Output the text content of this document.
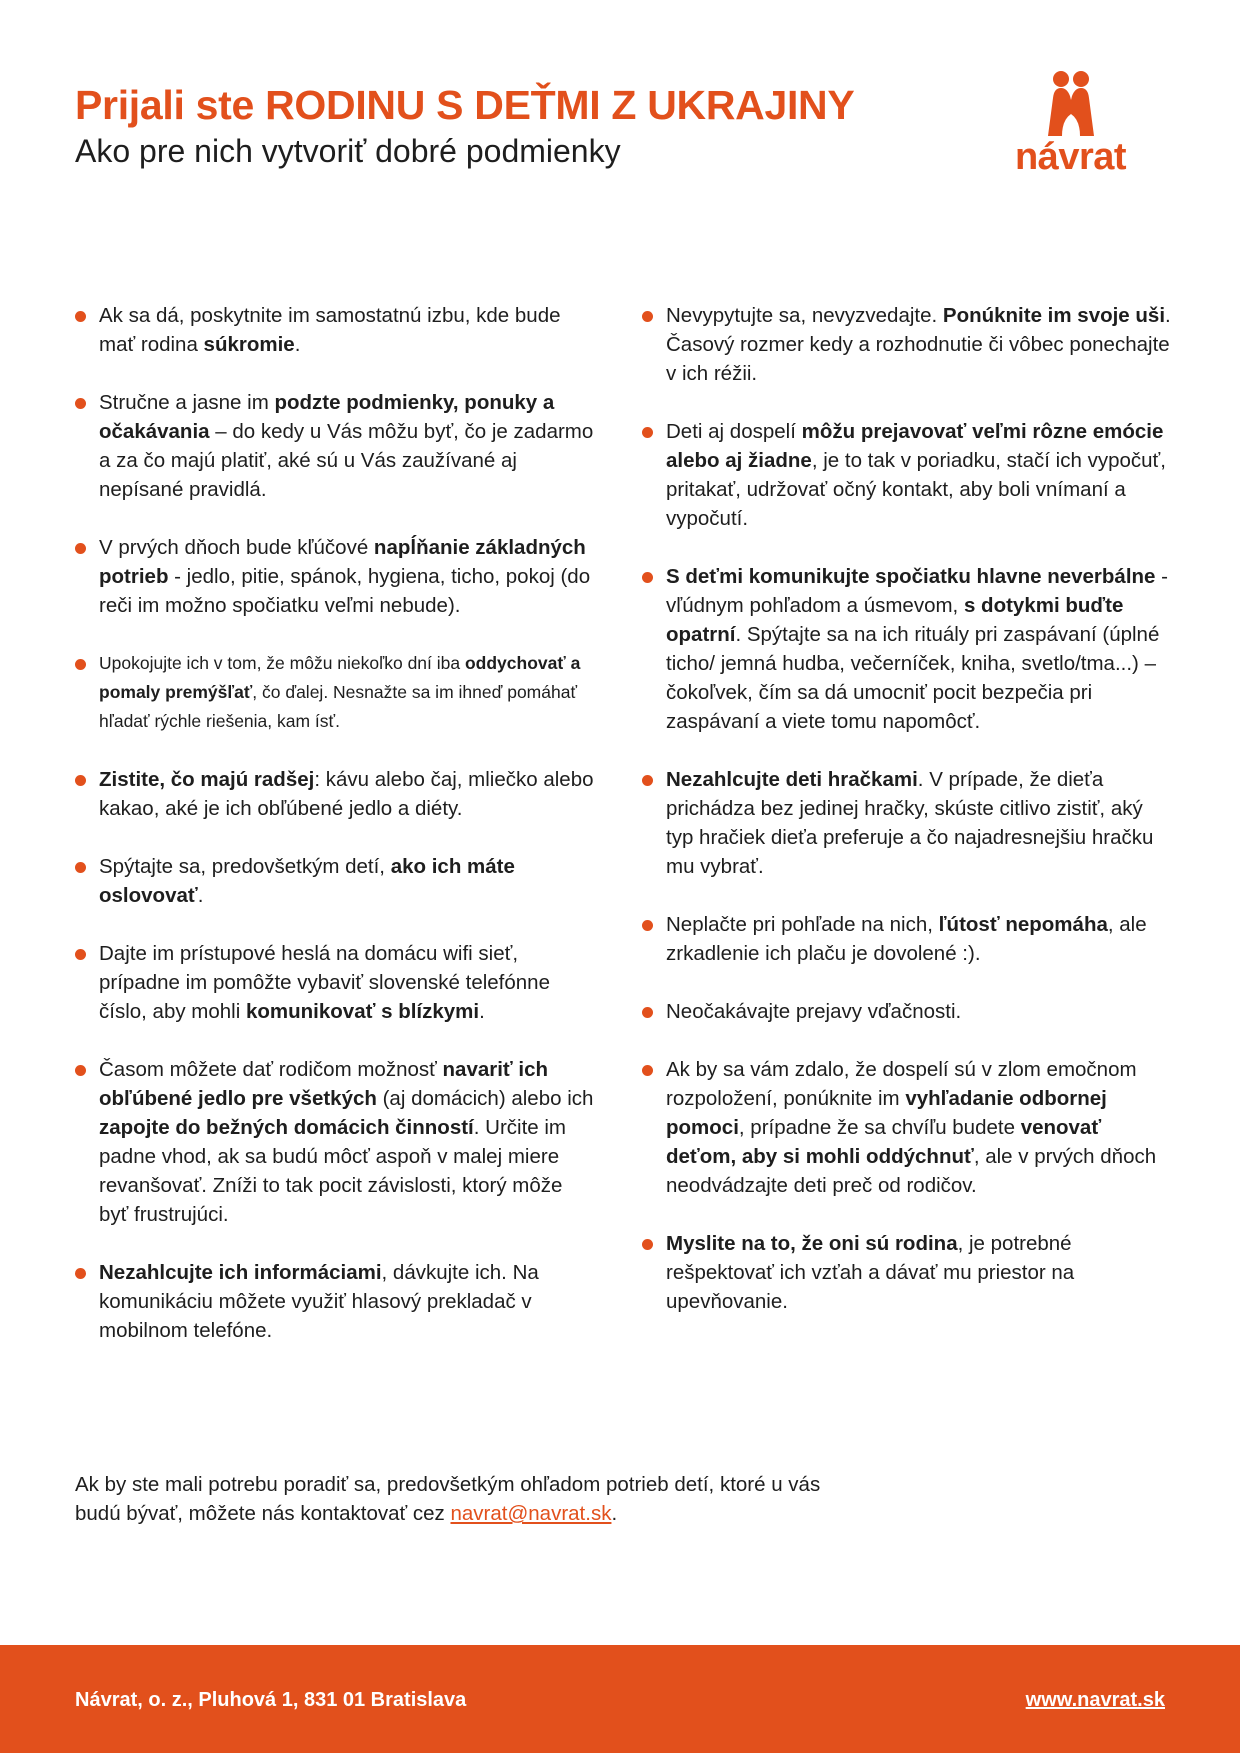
Prijali ste RODINU S DEŤMI Z UKRAJINY
Ako pre nich vytvoriť dobré podmienky	návrat
Ak sa dá, poskytnite im samostatnú izbu, kde bude mať rodina súkromie.
Stručne a jasne im podzte podmienky, ponuky a očakávania – do kedy u Vás môžu byť, čo je zadarmo a za čo majú platiť, aké sú u Vás zaužívané aj nepísané pravidlá.
V prvých dňoch bude kľúčové napĺňanie základných potrieb - jedlo, pitie, spánok, hygiena, ticho, pokoj (do reči im možno spočiatku veľmi nebude).
Upokojujte ich v tom, že môžu niekoľko dní iba oddychovať a pomaly premýšľať, čo ďalej. Nesnažte sa im ihneď pomáhať hľadať rýchle riešenia, kam ísť.
Zistite, čo majú radšej: kávu alebo čaj, mliečko alebo kakao, aké je ich obľúbené jedlo a diéty.
Spýtajte sa, predovšetkým detí, ako ich máte oslovovať.
Dajte im prístupové heslá na domácu wifi sieť, prípadne im pomôžte vybaviť slovenské telefónne číslo, aby mohli komunikovať s blízkymi.
Časom môžete dať rodičom možnosť navariť ich obľúbené jedlo pre všetkých (aj domácich) alebo ich zapojte do bežných domácich činností. Určite im padne vhod, ak sa budú môcť aspoň v malej miere revanšovať. Zníži to tak pocit závislosti, ktorý môže byť frustrujúci.
Nezahlcujte ich informáciami, dávkujte ich. Na komunikáciu môžete využiť hlasový prekladač v mobilnom telefóne.
Nevypytujte sa, nevyzvedajte. Ponúknite im svoje uši. Časový rozmer kedy a rozhodnutie či vôbec ponechajte v ich réžii.
Deti aj dospelí môžu prejavovať veľmi rôzne emócie alebo aj žiadne, je to tak v poriadku, stačí ich vypočuť, pritakať, udržovať očný kontakt, aby boli vnímaní a vypočutí.
S deťmi komunikujte spočiatku hlavne neverbálne - vľúdnym pohľadom a úsmevom, s dotykmi buďte opatrní. Spýtajte sa na ich rituály pri zaspávaní (úplné ticho/ jemná hudba, večerníček, kniha, svetlo/tma...) – čokoľvek, čím sa dá umocniť pocit bezpečia pri zaspávaní a viete tomu napomôcť.
Nezahlcujte deti hračkami. V prípade, že dieťa prichádza bez jedinej hračky, skúste citlivo zistiť, aký typ hračiek dieťa preferuje a čo najadresnejšiu hračku mu vybrať.
Neplačte pri pohľade na nich, ľútosť nepomáha, ale zrkadlenie ich plaču je dovolené :).
Neočakávajte prejavy vďačnosti.
Ak by sa vám zdalo, že dospelí sú v zlom emočnom rozpoložení, ponúknite im vyhľadanie odbornej pomoci, prípadne že sa chvíľu budete venovať deťom, aby si mohli oddýchnuť, ale v prvých dňoch neodvádzajte deti preč od rodičov.
Myslite na to, že oni sú rodina, je potrebné rešpektovať ich vzťah a dávať mu priestor na upevňovanie.

Ak by ste mali potrebu poradiť sa, predovšetkým ohľadom potrieb detí, ktoré u vás budú bývať, môžete nás kontaktovať cez navrat@navrat.sk.

Návrat, o. z., Pluhová 1, 831 01 Bratislava	www.navrat.sk
